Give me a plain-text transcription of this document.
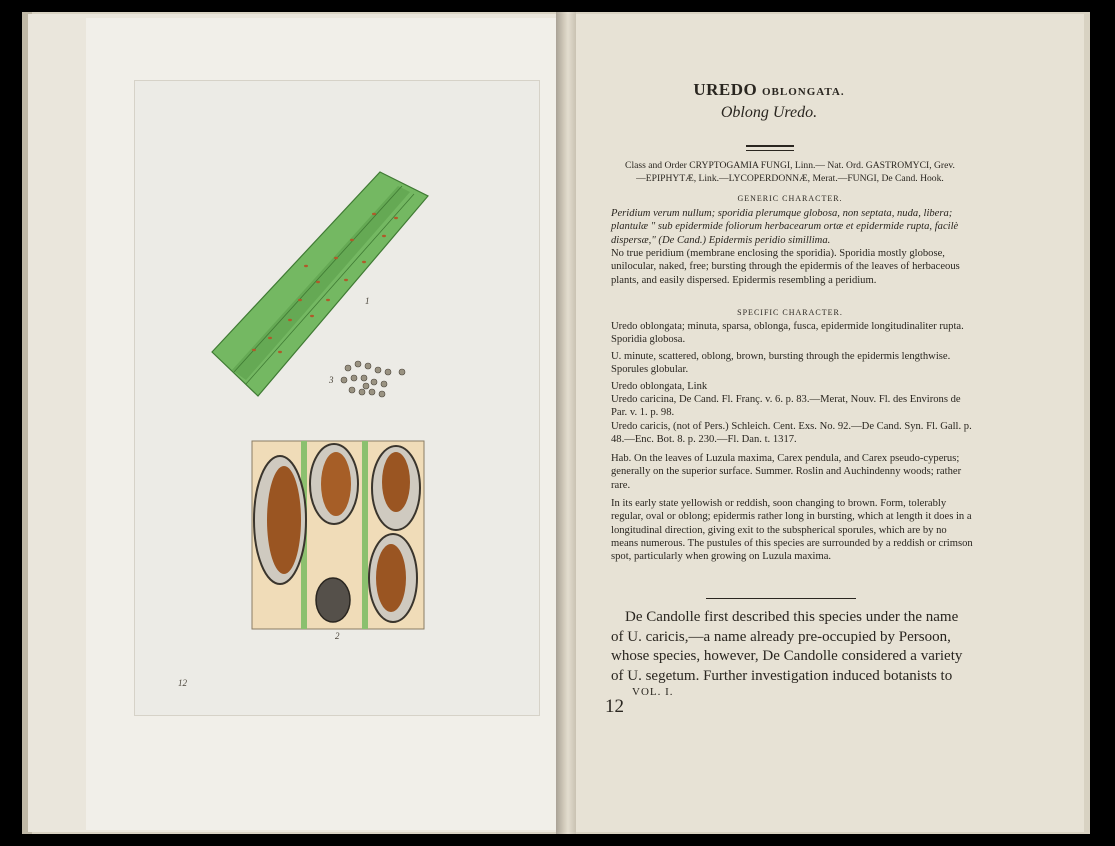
1
3
2
12
UREDO OBLONGATA.
Oblong Uredo.
Class and Order CRYPTOGAMIA FUNGI, Linn.— Nat. Ord. GASTROMYCI, Grev.
—EPIPHYTÆ, Link.—LYCOPERDONNÆ, Merat.—FUNGI, De Cand. Hook.
GENERIC CHARACTER.
Peridium verum nullum; sporidia plerumque globosa, non septata, nuda, libera; plantulæ " sub epidermide foliorum herbacearum ortæ et epidermide rupta, facilè dispersæ," (De Cand.) Epidermis peridio simillima.
No true peridium (membrane enclosing the sporidia). Sporidia mostly globose, unilocular, naked, free; bursting through the epidermis of the leaves of herbaceous plants, and easily dispersed. Epidermis resembling a peridium.
SPECIFIC CHARACTER.
Uredo oblongata; minuta, sparsa, oblonga, fusca, epidermide longitudinaliter rupta. Sporidia globosa.
U. minute, scattered, oblong, brown, bursting through the epidermis lengthwise. Sporules globular.
Uredo oblongata, Link
Uredo caricina, De Cand. Fl. Franç. v. 6. p. 83.—Merat, Nouv. Fl. des Environs de Par. v. 1. p. 98.
Uredo caricis, (not of Pers.) Schleich. Cent. Exs. No. 92.—De Cand. Syn. Fl. Gall. p. 48.—Enc. Bot. 8. p. 230.—Fl. Dan. t. 1317.
Hab. On the leaves of Luzula maxima, Carex pendula, and Carex pseudo-cyperus; generally on the superior surface. Summer. Roslin and Auchindenny woods; rather rare.
In its early state yellowish or reddish, soon changing to brown. Form, tolerably regular, oval or oblong; epidermis rather long in bursting, which at length it does in a longitudinal direction, giving exit to the subspherical sporules, which are by no means numerous. The pustules of this species are surrounded by a reddish or crimson spot, particularly when growing on Luzula maxima.
De Candolle first described this species under the name
of U. caricis,—a name already pre-occupied by Persoon,
whose species, however, De Candolle considered a variety
of U. segetum. Further investigation induced botanists to
VOL. I.
12
